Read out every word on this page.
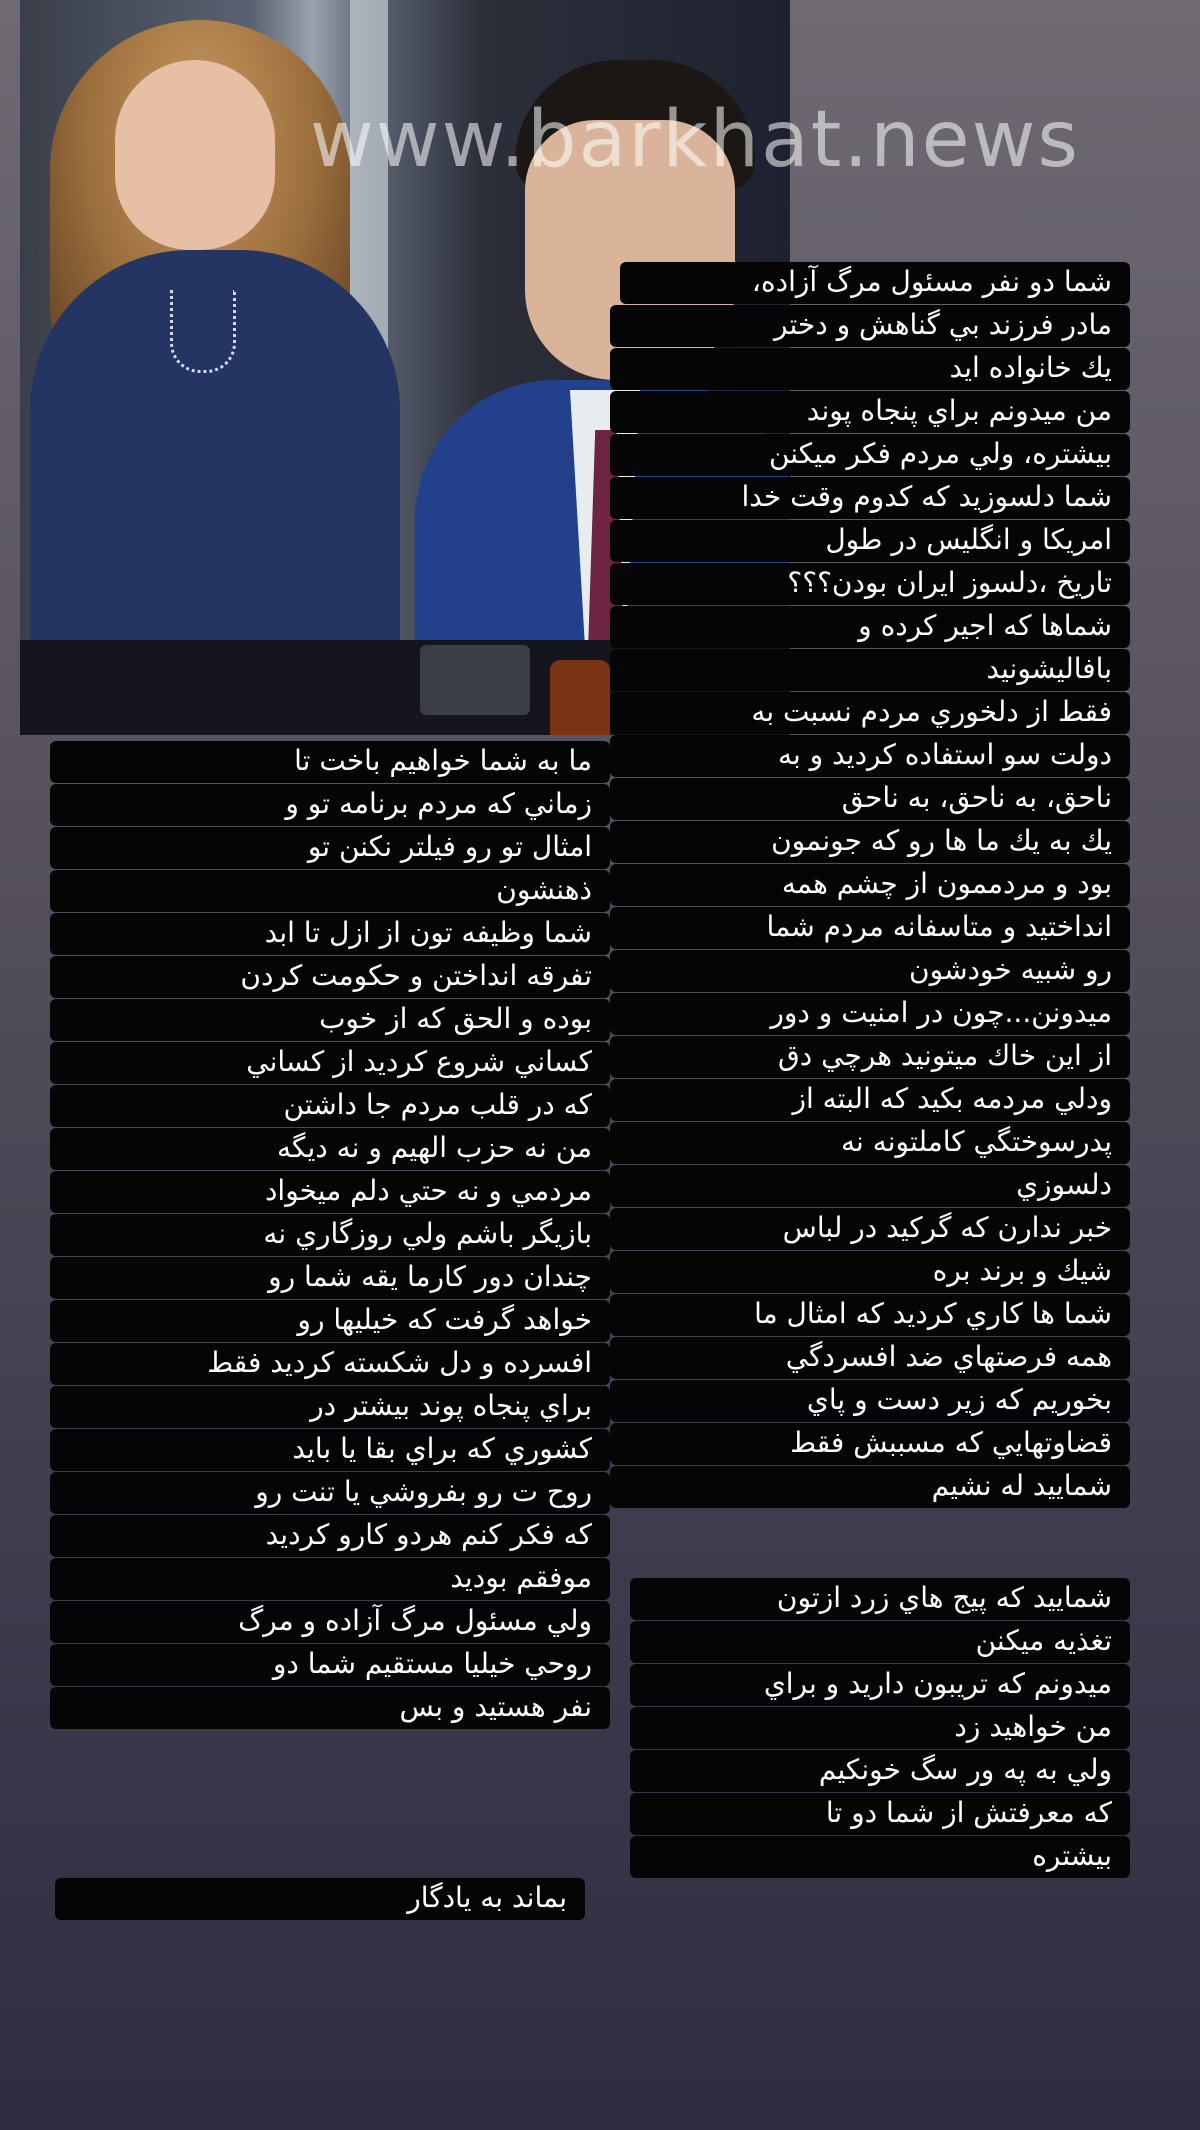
www.barkhat.news
شما دو نفر مسئول مرگ آزاده،
مادر فرزند بي گناهش و دختر
يك خانواده ايد
من ميدونم براي پنجاه پوند
بيشتره، ولي مردم فكر ميكنن
شما دلسوزيد كه كدوم وقت خدا
امريكا و انگليس در طول
تاريخ ،دلسوز ايران بودن؟؟؟
شماها كه اجير كرده و
بافاليشونيد
فقط از دلخوري مردم نسبت به
دولت سو استفاده كرديد و به
ناحق، به ناحق، به ناحق
يك به يك ما ها رو كه جونمون
بود و مردممون از چشم همه
انداختيد و متاسفانه مردم شما
رو شبيه خودشون
ميدونن...چون در امنيت و دور
از اين خاك ميتونيد هرچي دق
ودلي مردمه بكيد كه البته از
پدرسوختگي كاملتونه نه
دلسوزي
خبر ندارن كه گركيد در لباس
شيك و برند بره
شما ها كاري كرديد كه امثال ما
همه فرصتهاي ضد افسردگي
بخوريم كه زير دست و پاي
قضاوتهايي كه مسببش فقط
شماييد له نشيم
شماييد كه پيج هاي زرد ازتون
تغذيه ميكنن
ميدونم كه تريبون داريد و براي
من خواهيد زد
ولي به په ور سگ خونكيم
كه معرفتش از شما دو تا
بيشتره
ما به شما خواهيم باخت تا
زماني كه مردم برنامه تو و
امثال تو رو فيلتر نكنن تو
ذهنشون
شما وظيفه تون از ازل تا ابد
تفرقه انداختن و حكومت كردن
بوده و الحق كه از خوب
كساني شروع كرديد از كساني
كه در قلب مردم جا داشتن
من نه حزب الهيم و نه ديگه
مردمي و نه حتي دلم ميخواد
بازيگر باشم ولي روزگاري نه
چندان دور كارما يقه شما رو
خواهد گرفت كه خيليها رو
افسرده و دل شكسته كرديد فقط
براي پنجاه پوند بيشتر در
كشوري كه براي بقا يا بايد
روح ت رو بفروشي يا تنت رو
كه فكر كنم هردو كارو كرديد
موفقم بوديد
ولي مسئول مرگ آزاده و مرگ
روحي خيليا مستقيم شما دو
نفر هستيد و بس
بماند به يادگار
